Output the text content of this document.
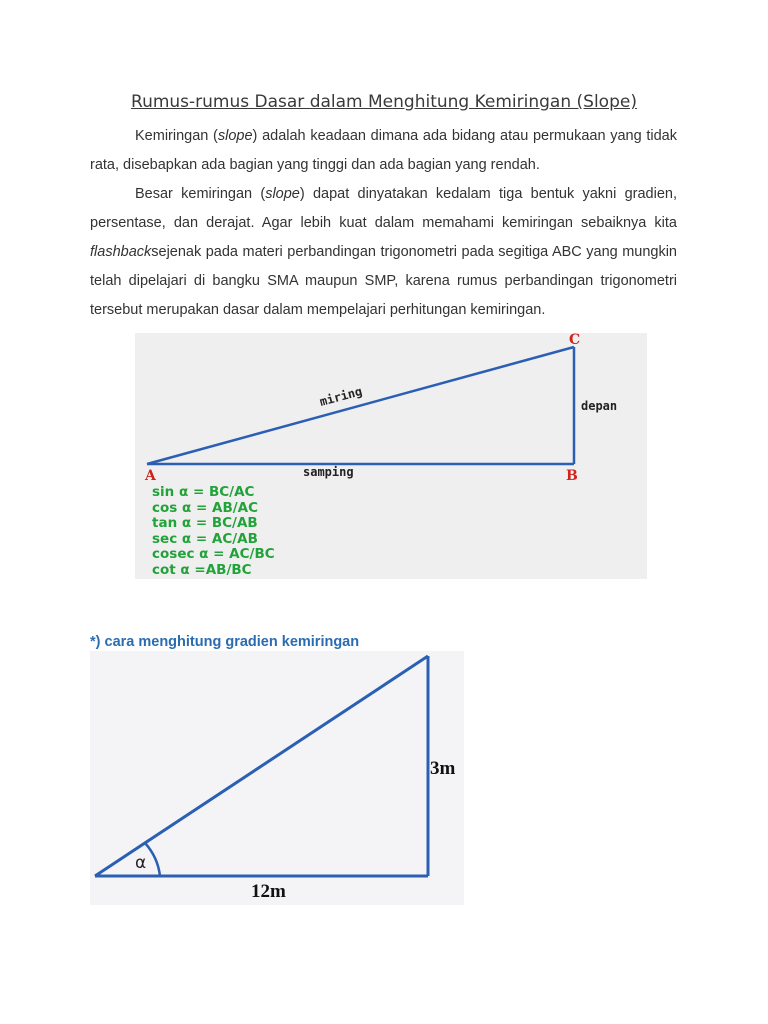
Rumus-rumus Dasar dalam Menghitung Kemiringan (Slope)

Kemiringan (slope) adalah keadaan dimana ada bidang atau permukaan yang tidak rata, disebapkan ada bagian yang tinggi dan ada bagian yang rendah.

Besar kemiringan (slope) dapat dinyatakan kedalam tiga bentuk yakni gradien, persentase, dan derajat. Agar lebih kuat dalam memahami kemiringan sebaiknya kita flashbacksejenak pada materi perbandingan trigonometri pada segitiga ABC yang mungkin telah dipelajari di bangku SMA maupun SMP, karena rumus perbandingan trigonometri tersebut merupakan dasar dalam mempelajari perhitungan kemiringan.

A	B
C
miring	depan
samping
sin α = BC/AC
cos α = AB/AC
tan α = BC/AB
sec α = AC/AB
cosec α = AC/BC
cot α =AB/BC

*) cara menghitung gradien kemiringan

α
3m
12m
